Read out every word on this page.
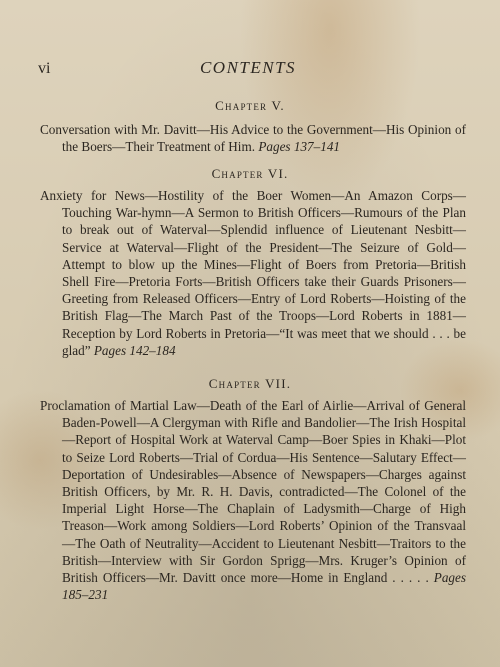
vi	CONTENTS
Chapter V.
Conversation with Mr. Davitt—His Advice to the Government—His Opinion of the Boers—Their Treatment of Him. Pages 137–141
Chapter VI.
Anxiety for News—Hostility of the Boer Women—An Amazon Corps—Touching War-hymn—A Sermon to British Officers—Rumours of the Plan to break out of Waterval—Splendid influence of Lieutenant Nesbitt—Service at Waterval—Flight of the President—The Seizure of Gold—Attempt to blow up the Mines—Flight of Boers from Pretoria—British Shell Fire—Pretoria Forts—British Officers take their Guards Prisoners—Greeting from Released Officers—Entry of Lord Roberts—Hoisting of the British Flag—The March Past of the Troops—Lord Roberts in 1881—Reception by Lord Roberts in Pretoria—“It was meet that we should . . . be glad” Pages 142–184
Chapter VII.
Proclamation of Martial Law—Death of the Earl of Airlie—Arrival of General Baden-Powell—A Clergyman with Rifle and Bandolier—The Irish Hospital—Report of Hospital Work at Waterval Camp—Boer Spies in Khaki—Plot to Seize Lord Roberts—Trial of Cordua—His Sentence—Salutary Effect—Deportation of Undesirables—Absence of Newspapers—Charges against British Officers, by Mr. R. H. Davis, contradicted—The Colonel of the Imperial Light Horse—The Chaplain of Ladysmith—Charge of High Treason—Work among Soldiers—Lord Roberts’ Opinion of the Transvaal—The Oath of Neutrality—Accident to Lieutenant Nesbitt—Traitors to the British—Interview with Sir Gordon Sprigg—Mrs. Kruger’s Opinion of British Officers—Mr. Davitt once more—Home in England . . . . . Pages 185–231
